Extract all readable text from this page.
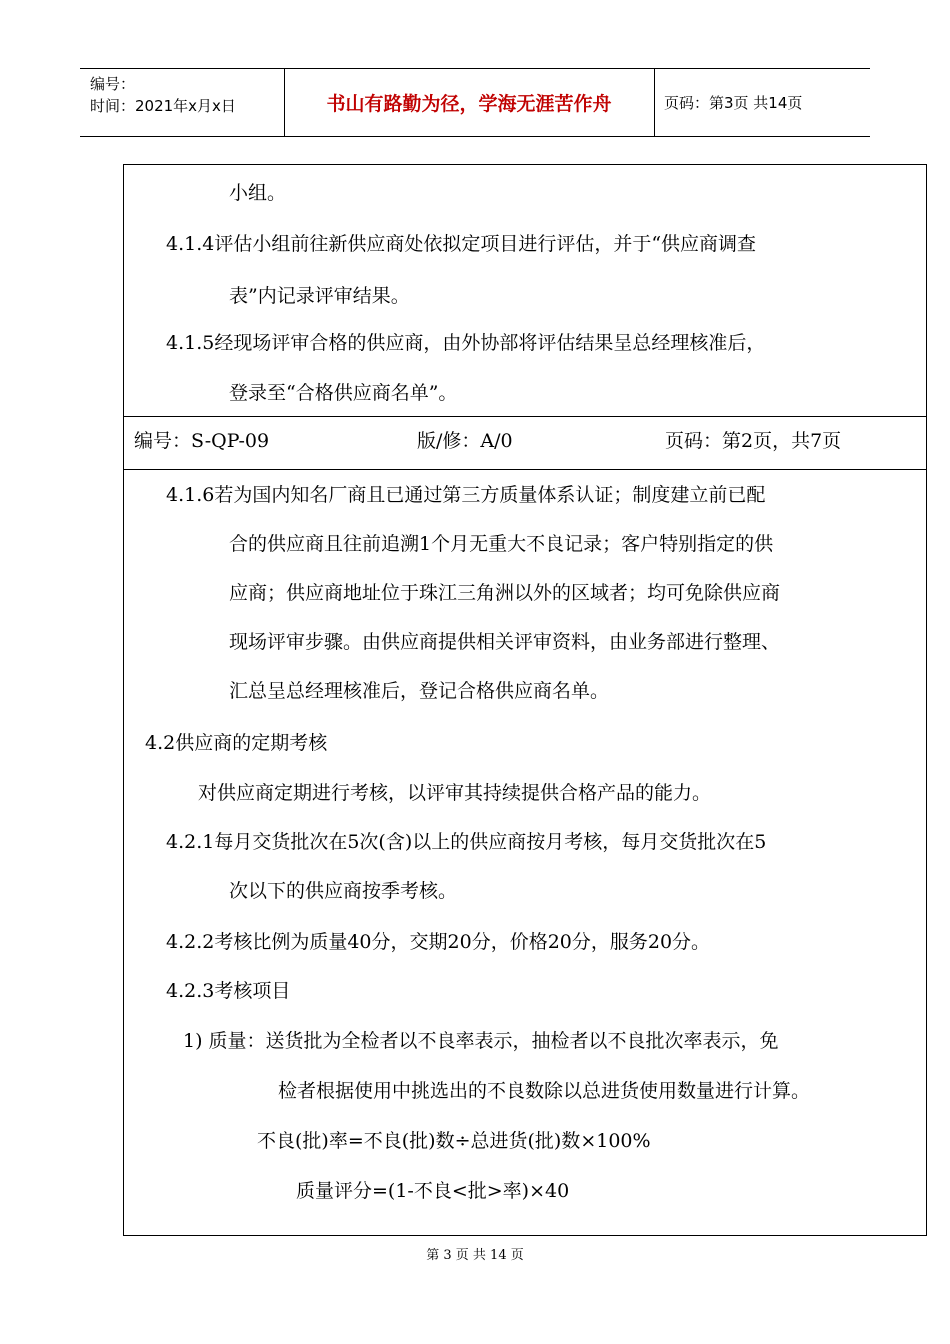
编号：
时间：2021年x月x日	书山有路勤为径，学海无涯苦作舟	页码：第3页 共14页
小组。
4.1.4评估小组前往新供应商处依拟定项目进行评估，并于“供应商调查
表”内记录评审结果。
4.1.5经现场评审合格的供应商，由外协部将评估结果呈总经理核准后，
登录至“合格供应商名单”。
编号：S-QP-09	版/修：A/0	页码：第2页，共7页
4.1.6若为国内知名厂商且已通过第三方质量体系认证；制度建立前已配
合的供应商且往前追溯1个月无重大不良记录；客户特别指定的供
应商；供应商地址位于珠江三角洲以外的区域者；均可免除供应商
现场评审步骤。由供应商提供相关评审资料，由业务部进行整理、
汇总呈总经理核准后，登记合格供应商名单。
4.2供应商的定期考核
对供应商定期进行考核，以评审其持续提供合格产品的能力。
4.2.1每月交货批次在5次(含)以上的供应商按月考核，每月交货批次在5
次以下的供应商按季考核。
4.2.2考核比例为质量40分，交期20分，价格20分，服务20分。
4.2.3考核项目
1) 质量：送货批为全检者以不良率表示，抽检者以不良批次率表示，免
检者根据使用中挑选出的不良数除以总进货使用数量进行计算。
不良(批)率=不良(批)数÷总进货(批)数×100%
质量评分=(1-不良<批>率)×40
第 3 页 共 14 页
